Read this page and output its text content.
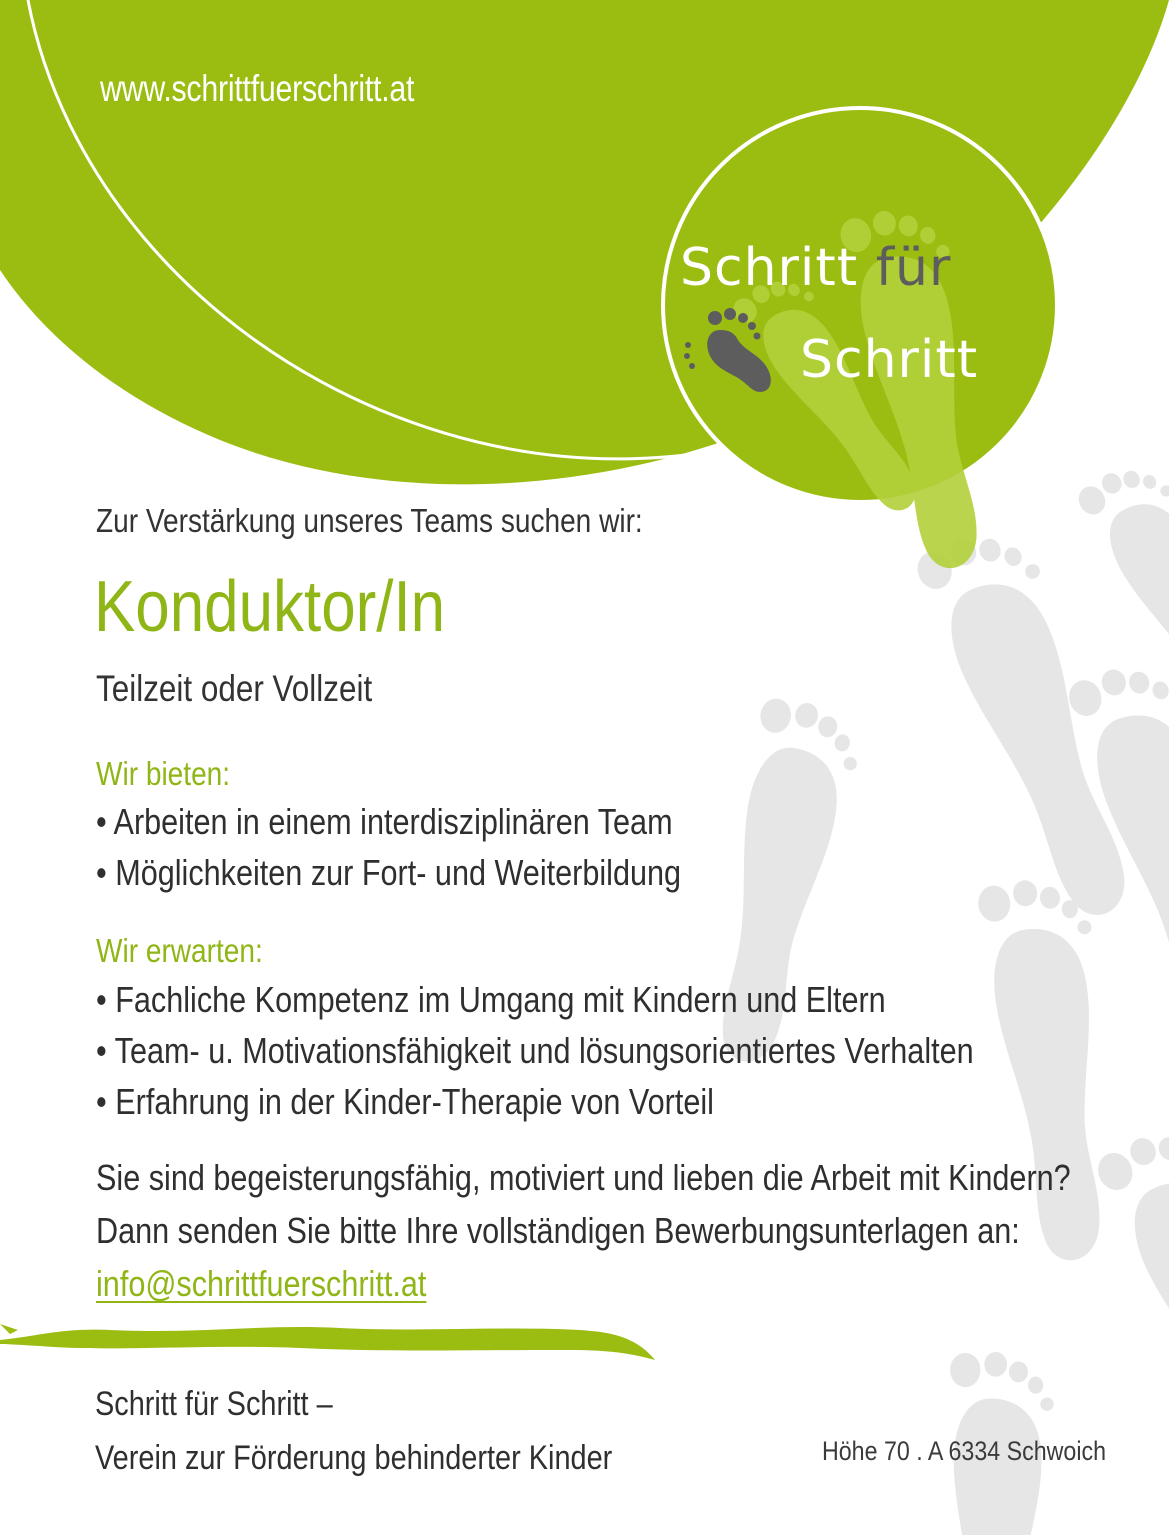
www.schrittfuerschritt.at
Schritt für
Schritt
Zur Verstärkung unseres Teams suchen wir:
Konduktor/In
Teilzeit oder Vollzeit
Wir bieten:
• Arbeiten in einem interdisziplinären Team
• Möglichkeiten zur Fort- und Weiterbildung
Wir erwarten:
• Fachliche Kompetenz im Umgang mit Kindern und Eltern
• Team- u. Motivationsfähigkeit und lösungsorientiertes Verhalten
• Erfahrung in der Kinder-Therapie von Vorteil
Sie sind begeisterungsfähig, motiviert und lieben die Arbeit mit Kindern?
Dann senden Sie bitte Ihre vollständigen Bewerbungsunterlagen an:
info@schrittfuerschritt.at
Schritt für Schritt –
Verein zur Förderung behinderter Kinder	Höhe 70 . A 6334 Schwoich
